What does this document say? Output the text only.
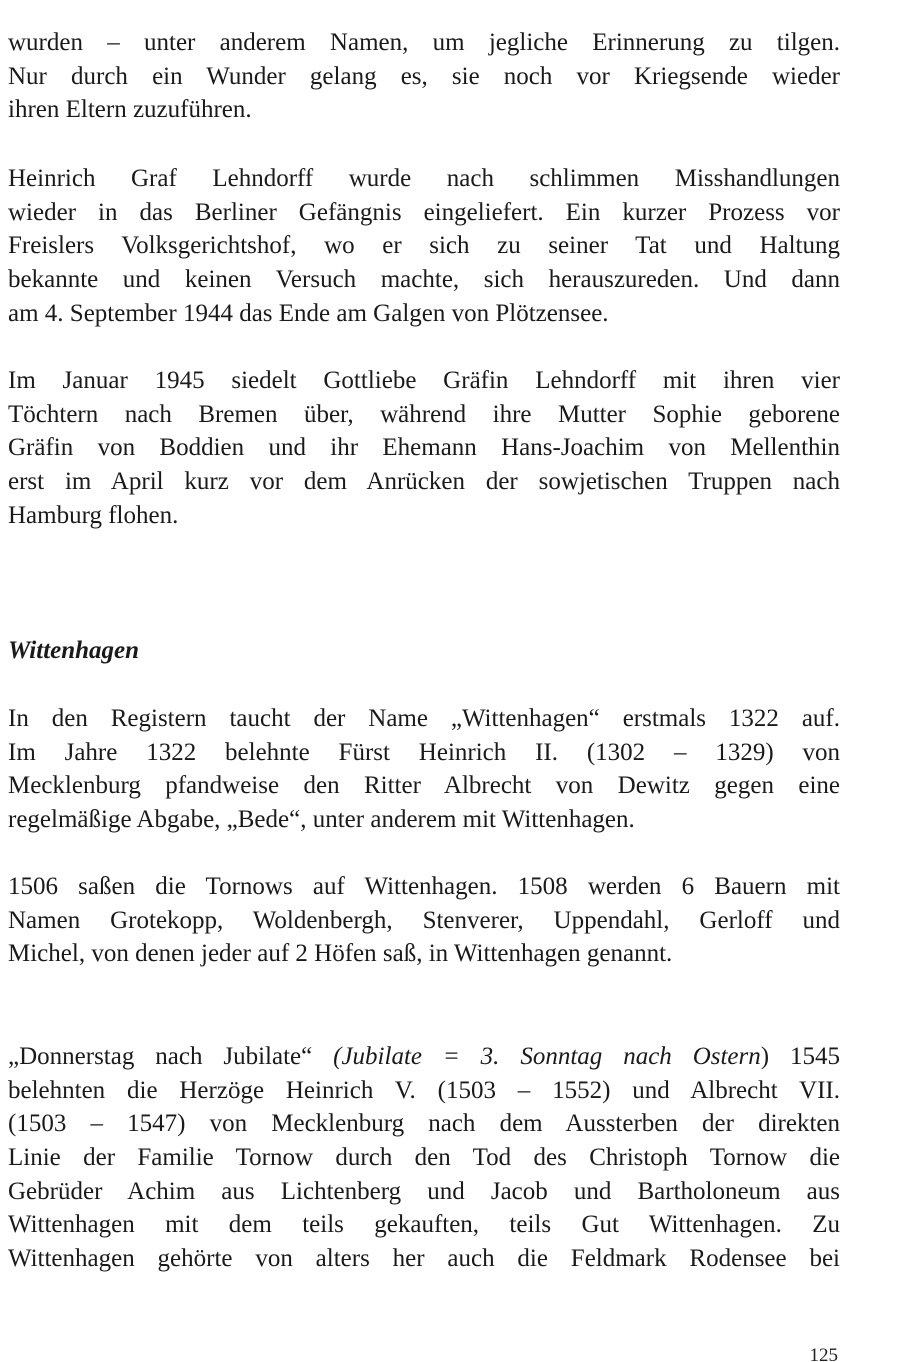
wurden – unter anderem Namen, um jegliche Erinnerung zu tilgen.
Nur durch ein Wunder gelang es, sie noch vor Kriegsende wieder
ihren Eltern zuzuführen.
Heinrich Graf Lehndorff wurde nach schlimmen Misshandlungen
wieder in das Berliner Gefängnis eingeliefert. Ein kurzer Prozess vor
Freislers Volksgerichtshof, wo er sich zu seiner Tat und Haltung
bekannte und keinen Versuch machte, sich herauszureden. Und dann
am 4. September 1944 das Ende am Galgen von Plötzensee.
Im Januar 1945 siedelt Gottliebe Gräfin Lehndorff mit ihren vier
Töchtern nach Bremen über, während ihre Mutter Sophie geborene
Gräfin von Boddien und ihr Ehemann Hans-Joachim von Mellenthin
erst im April kurz vor dem Anrücken der sowjetischen Truppen nach
Hamburg flohen.
Wittenhagen
In den Registern taucht der Name „Wittenhagen“ erstmals 1322 auf.
Im Jahre 1322 belehnte Fürst Heinrich II. (1302 – 1329) von
Mecklenburg pfandweise den Ritter Albrecht von Dewitz gegen eine
regelmäßige Abgabe, „Bede“, unter anderem mit Wittenhagen.
1506 saßen die Tornows auf Wittenhagen. 1508 werden 6 Bauern mit
Namen Grotekopp, Woldenbergh, Stenverer, Uppendahl, Gerloff und
Michel, von denen jeder auf 2 Höfen saß, in Wittenhagen genannt.
„Donnerstag nach Jubilate“ (Jubilate = 3. Sonntag nach Ostern) 1545
belehnten die Herzöge Heinrich V. (1503 – 1552) und Albrecht VII.
(1503 – 1547) von Mecklenburg nach dem Aussterben der direkten
Linie der Familie Tornow durch den Tod des Christoph Tornow die
Gebrüder Achim aus Lichtenberg und Jacob und Bartholoneum aus
Wittenhagen mit dem teils gekauften, teils Gut Wittenhagen. Zu
Wittenhagen gehörte von alters her auch die Feldmark Rodensee bei
125
